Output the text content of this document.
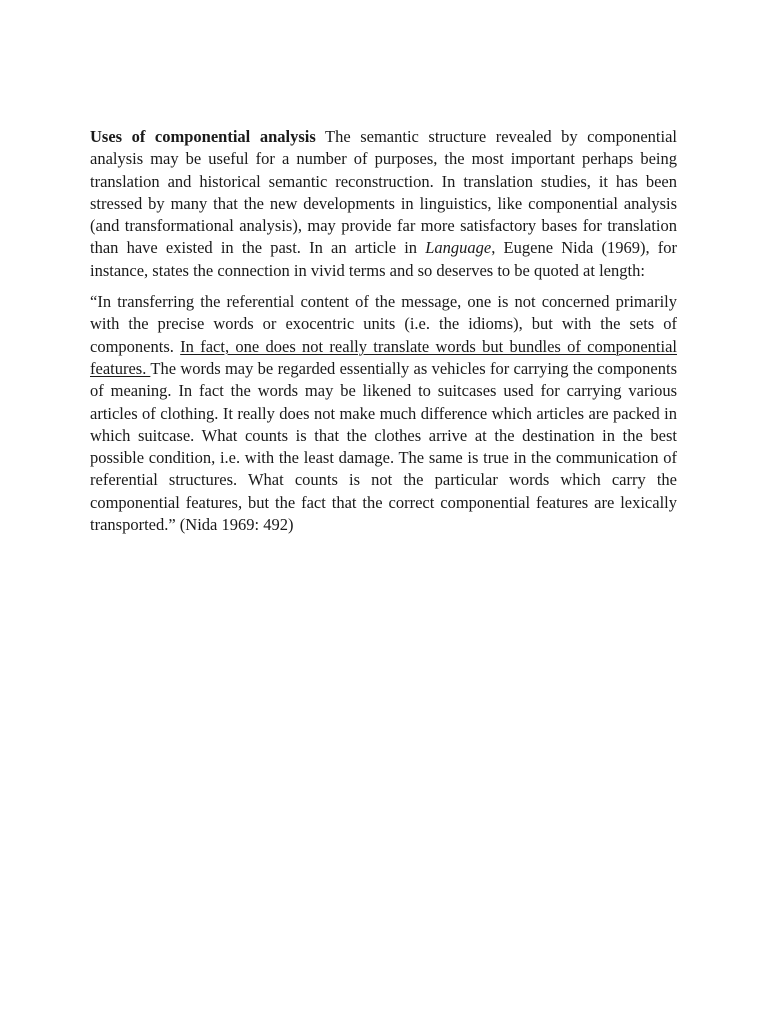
Uses of componential analysis The semantic structure revealed by componential analysis may be useful for a number of purposes, the most important perhaps being translation and historical semantic reconstruction. In translation studies, it has been stressed by many that the new developments in linguistics, like componential analysis (and transformational analysis), may provide far more satisfactory bases for translation than have existed in the past. In an article in Language, Eugene Nida (1969), for instance, states the connection in vivid terms and so deserves to be quoted at length:

“In transferring the referential content of the message, one is not concerned primarily with the precise words or exocentric units (i.e. the idioms), but with the sets of components. In fact, one does not really translate words but bundles of componential features. The words may be regarded essentially as vehicles for carrying the components of meaning. In fact the words may be likened to suitcases used for carrying various articles of clothing. It really does not make much difference which articles are packed in which suitcase. What counts is that the clothes arrive at the destination in the best possible condition, i.e. with the least damage. The same is true in the communication of referential structures. What counts is not the particular words which carry the componential features, but the fact that the correct componential features are lexically transported.” (Nida 1969: 492)
